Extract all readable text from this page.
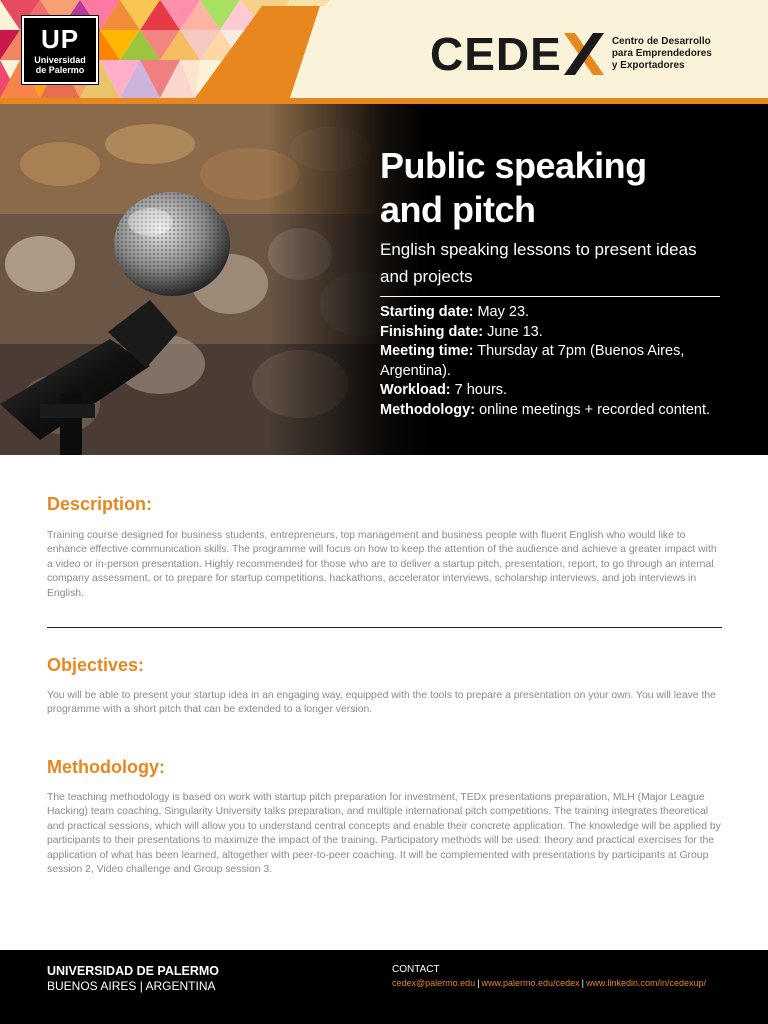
UP
Universidad
de Palermo	CEDE	Centro de Desarrollo
para Emprendedores
y Exportadores
Public speaking
and pitch
English speaking lessons to present ideas and projects
Starting date: May 23.
Finishing date: June 13.
Meeting time: Thursday at 7pm (Buenos Aires, Argentina).
Workload: 7 hours.
Methodology: online meetings + recorded content.
Description:
Training course designed for business students, entrepreneurs, top management and business people with fluent English who would like to enhance effective communication skills. The programme will focus on how to keep the attention of the audience and achieve a greater impact with a video or in-person presentation. Highly recommended for those who are to deliver a startup pitch, presentation, report, to go through an internal company assessment, or to prepare for startup competitions, hackathons, accelerator interviews, scholarship interviews, and job interviews in English.
Objectives:
You will be able to present your startup idea in an engaging way, equipped with the tools to prepare a presentation on your own. You will leave the programme with a short pitch that can be extended to a longer version.
Methodology:
The teaching methodology is based on work with startup pitch preparation for investment, TEDx presentations preparation, MLH (Major League Hacking) team coaching, Singularity University talks preparation, and multiple international pitch competitions. The training integrates theoretical and practical sessions, which will allow you to understand central concepts and enable their concrete application. The knowledge will be applied by participants to their presentations to maximize the impact of the training. Participatory methods will be used: theory and practical exercises for the application of what has been learned, altogether with peer-to-peer coaching. It will be complemented with presentations by participants at Group session 2, Video challenge and Group session 3.
UNIVERSIDAD DE PALERMO
BUENOS AIRES | ARGENTINA
CONTACT
cedex@palermo.edu | www.palermo.edu/cedex | www.linkedin.com/in/cedexup/
